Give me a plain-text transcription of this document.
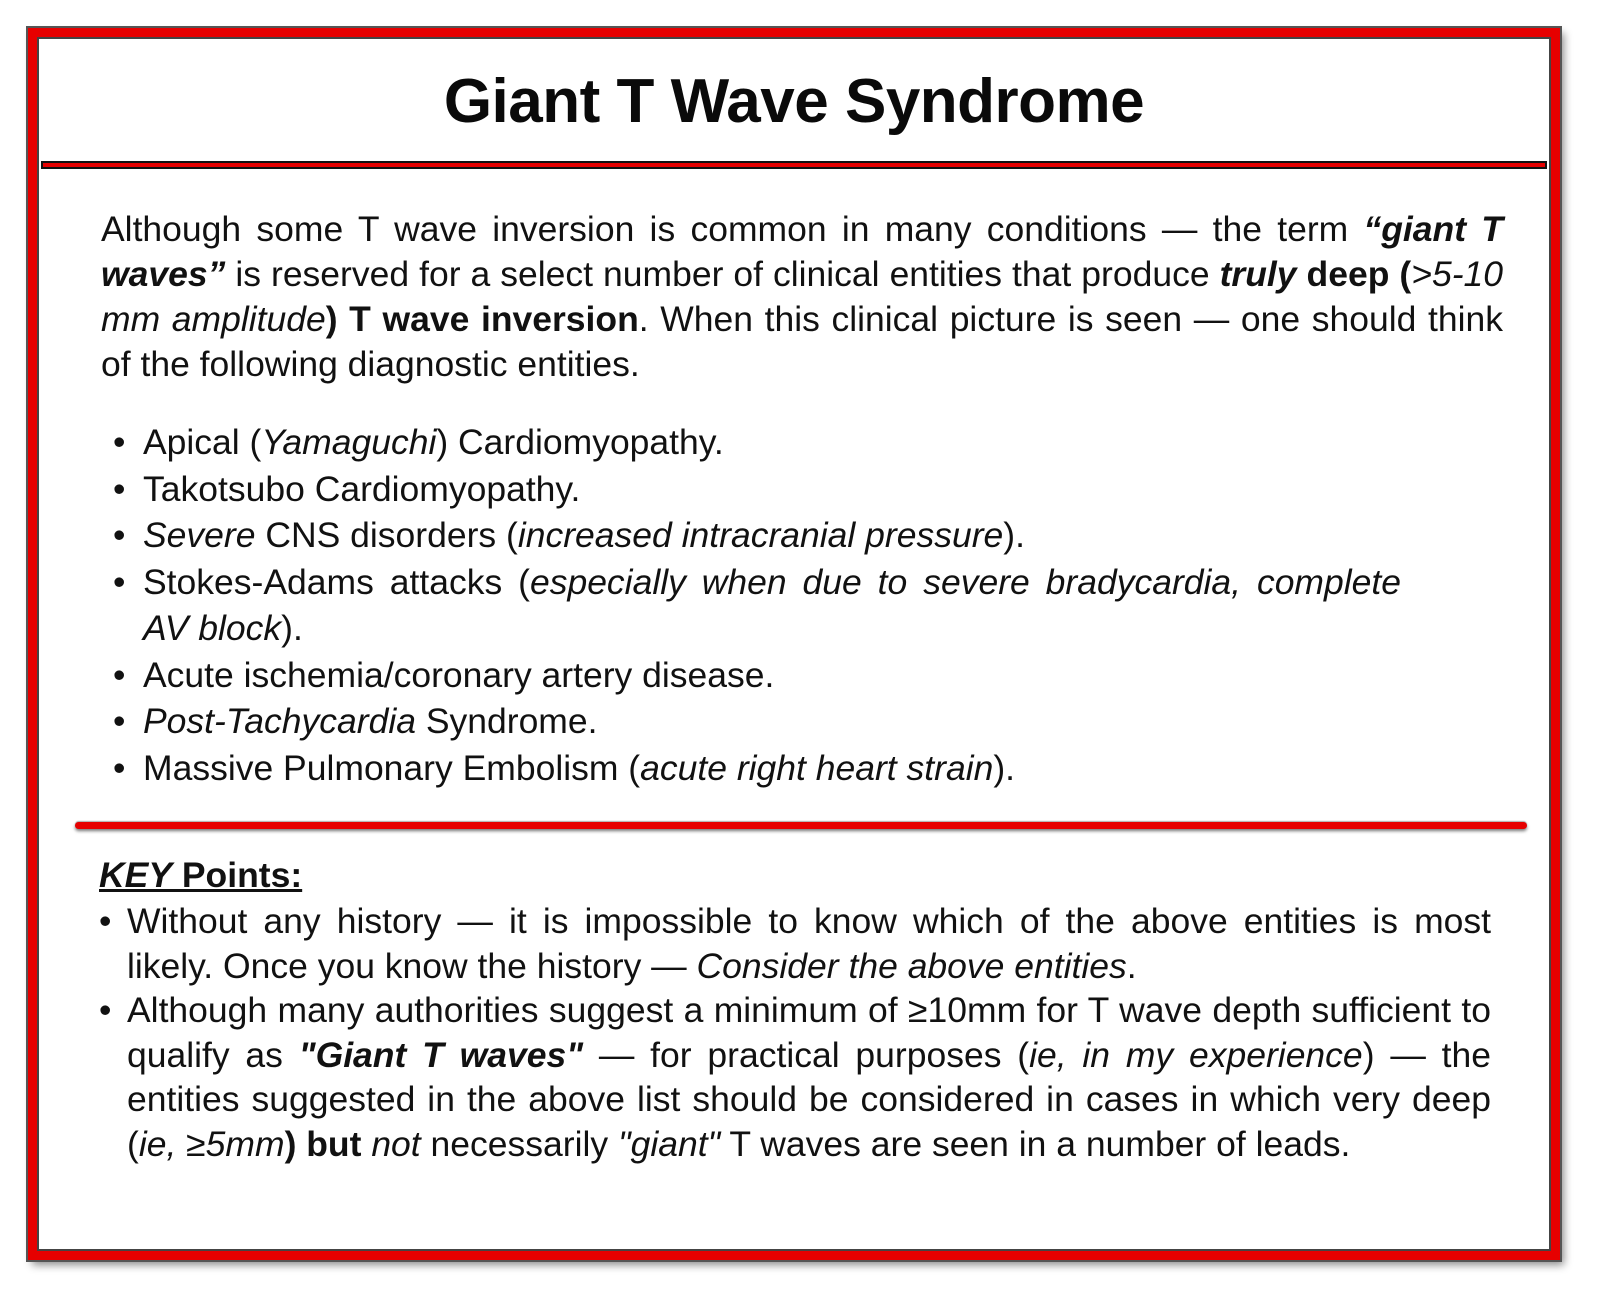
Giant T Wave Syndrome

Although some T wave inversion is common in many conditions — the term “giant T waves” is reserved for a select number of clinical entities that produce truly deep (>5-10 mm amplitude) T wave inversion. When this clinical picture is seen — one should think of the following diagnostic entities.

• Apical (Yamaguchi) Cardiomyopathy.
• Takotsubo Cardiomyopathy.
• Severe CNS disorders (increased intracranial pressure).
• Stokes-Adams attacks (especially when due to severe bradycardia, complete AV block).
• Acute ischemia/coronary artery disease.
• Post-Tachycardia Syndrome.
• Massive Pulmonary Embolism (acute right heart strain).
KEY Points:
• Without any history — it is impossible to know which of the above entities is most likely. Once you know the history — Consider the above entities.
• Although many authorities suggest a minimum of ≥10mm for T wave depth sufficient to qualify as "Giant T waves" — for practical purposes (ie, in my experience) — the entities suggested in the above list should be considered in cases in which very deep (ie, ≥5mm) but not necessarily "giant" T waves are seen in a number of leads.
